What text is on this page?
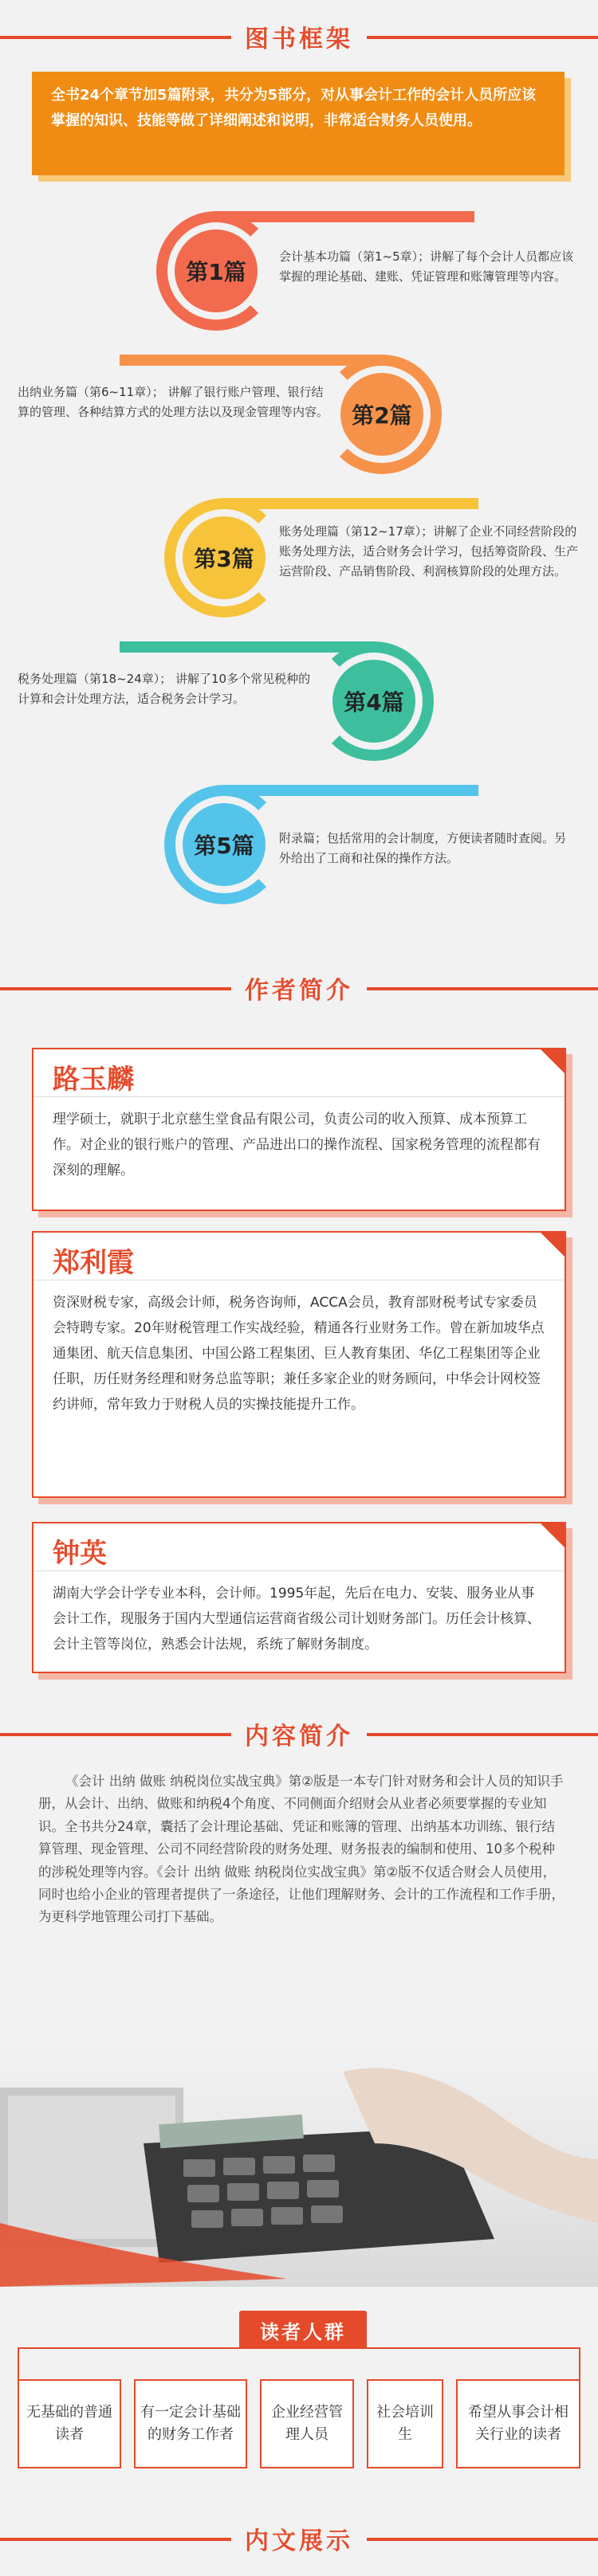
图书框架
全书24个章节加5篇附录，共分为5部分，对从事会计工作的会计人员所应该掌握的知识、技能等做了详细阐述和说明，非常适合财务人员使用。
第1篇
会计基本功篇（第1~5章）；讲解了每个会计人员都应该掌握的理论基础、建账、凭证管理和账簿管理等内容。
第2篇
出纳业务篇（第6~11章）； 讲解了银行账户管理、银行结算的管理、各种结算方式的处理方法以及现金管理等内容。
第3篇
账务处理篇（第12~17章）；讲解了企业不同经营阶段的账务处理方法，适合财务会计学习，包括筹资阶段、生产运营阶段、产品销售阶段、利润核算阶段的处理方法。
第4篇
税务处理篇（第18~24章）； 讲解了10多个常见税种的计算和会计处理方法，适合税务会计学习。
第5篇	附录篇；包括常用的会计制度，方便读者随时查阅。另外给出了工商和社保的操作方法。
作者简介
路玉麟
理学硕士，就职于北京慈生堂食品有限公司，负责公司的收入预算、成本预算工作。对企业的银行账户的管理、产品进出口的操作流程、国家税务管理的流程都有深刻的理解。
郑利霞
资深财税专家，高级会计师，税务咨询师，ACCA会员，教育部财税考试专家委员会特聘专家。20年财税管理工作实战经验，精通各行业财务工作。曾在新加坡华点通集团、航天信息集团、中国公路工程集团、巨人教育集团、华亿工程集团等企业任职，历任财务经理和财务总监等职；兼任多家企业的财务顾问，中华会计网校签约讲师，常年致力于财税人员的实操技能提升工作。
钟英
湖南大学会计学专业本科，会计师。1995年起，先后在电力、安装、服务业从事会计工作，现服务于国内大型通信运营商省级公司计划财务部门。历任会计核算、会计主管等岗位，熟悉会计法规，系统了解财务制度。
内容简介
《会计 出纳 做账 纳税岗位实战宝典》第②版是一本专门针对财务和会计人员的知识手册，从会计、出纳、做账和纳税4个角度、不同侧面介绍财会从业者必须要掌握的专业知识。全书共分24章，囊括了会计理论基础、凭证和账簿的管理、出纳基本功训练、银行结算管理、现金管理、公司不同经营阶段的财务处理、财务报表的编制和使用、10多个税种的涉税处理等内容。《会计 出纳 做账 纳税岗位实战宝典》第②版不仅适合财会人员使用，同时也给小企业的管理者提供了一条途径，让他们理解财务、会计的工作流程和工作手册，为更科学地管理公司打下基础。
读者人群
无基础的普通读者
有一定会计基础的财务工作者
企业经营管理人员
社会培训生
希望从事会计相关行业的读者
内文展示
